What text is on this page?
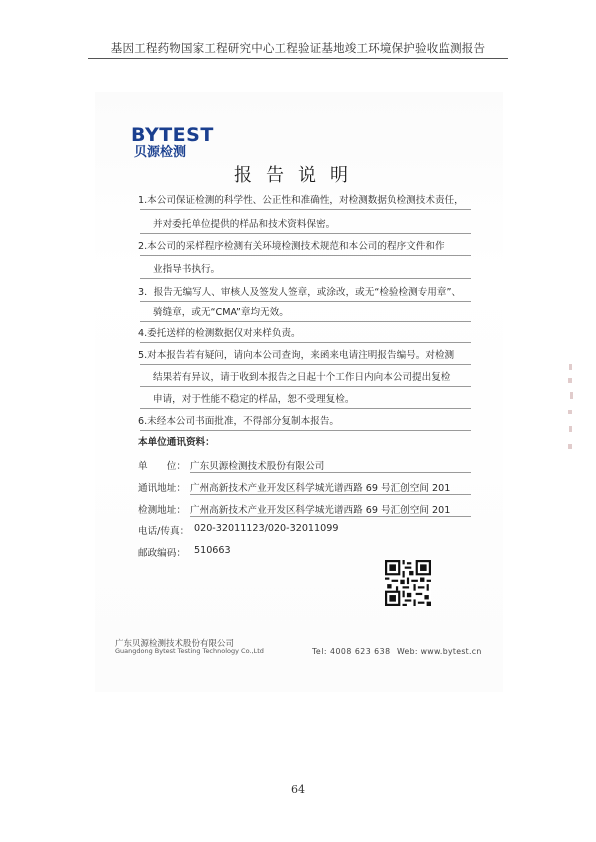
基因工程药物国家工程研究中心工程验证基地竣工环境保护验收监测报告
BYTEST
贝源检测
报告说明
1.本公司保证检测的科学性、公正性和准确性，对检测数据负检测技术责任，
并对委托单位提供的样品和技术资料保密。
2.本公司的采样程序检测有关环境检测技术规范和本公司的程序文件和作
业指导书执行。
3．报告无编写人、审核人及签发人签章，或涂改，或无“检验检测专用章”、
骑缝章，或无“CMA”章均无效。
4.委托送样的检测数据仅对来样负责。
5.对本报告若有疑问，请向本公司查询，来函来电请注明报告编号。对检测
结果若有异议，请于收到本报告之日起十个工作日内向本公司提出复检
申请，对于性能不稳定的样品，恕不受理复检。
6.未经本公司书面批准，不得部分复制本报告。
本单位通讯资料：
单　　位： 广东贝源检测技术股份有限公司
通讯地址： 广州高新技术产业开发区科学城光谱西路 69 号汇创空间 201
检测地址： 广州高新技术产业开发区科学城光谱西路 69 号汇创空间 201
电话/传真： 020-32011123/020-32011099
邮政编码： 510663
广东贝源检测技术股份有限公司
Guangdong Bytest Testing Technology Co.,Ltd	Tel: 4008 623 638 Web: www.bytest.cn
64
